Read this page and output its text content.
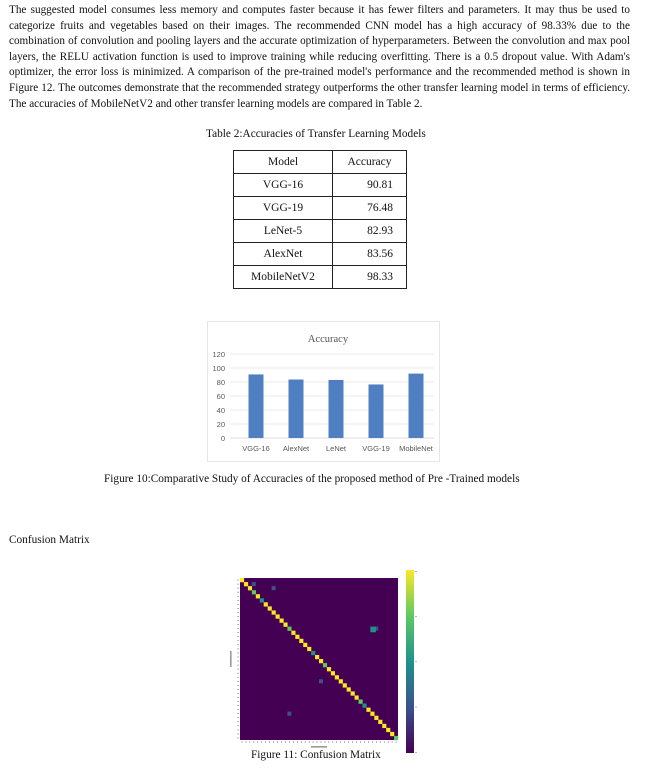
The suggested model consumes less memory and computes faster because it has fewer filters and parameters. It may thus be used to categorize fruits and vegetables based on their images. The recommended CNN model has a high accuracy of 98.33% due to the combination of convolution and pooling layers and the accurate optimization of hyperparameters. Between the convolution and max pool layers, the RELU activation function is used to improve training while reducing overfitting. There is a 0.5 dropout value. With Adam's optimizer, the error loss is minimized. A comparison of the pre-trained model's performance and the recommended method is shown in Figure 12. The outcomes demonstrate that the recommended strategy outperforms the other transfer learning model in terms of efficiency. The accuracies of MobileNetV2 and other transfer learning models are compared in Table 2.

Table 2:Accuracies of Transfer Learning Models
Model	Accuracy
VGG-16	90.81
VGG-19	76.48
LeNet-5	82.93
AlexNet	83.56
MobileNetV2	98.33
Accuracy
120
100
80
60
40
20
0
VGG-16 AlexNet LeNet VGG-19 MobileNet
Figure 10:Comparative Study of Accuracies of the proposed method of Pre -Trained models
Confusion Matrix
Figure 11: Confusion Matrix
